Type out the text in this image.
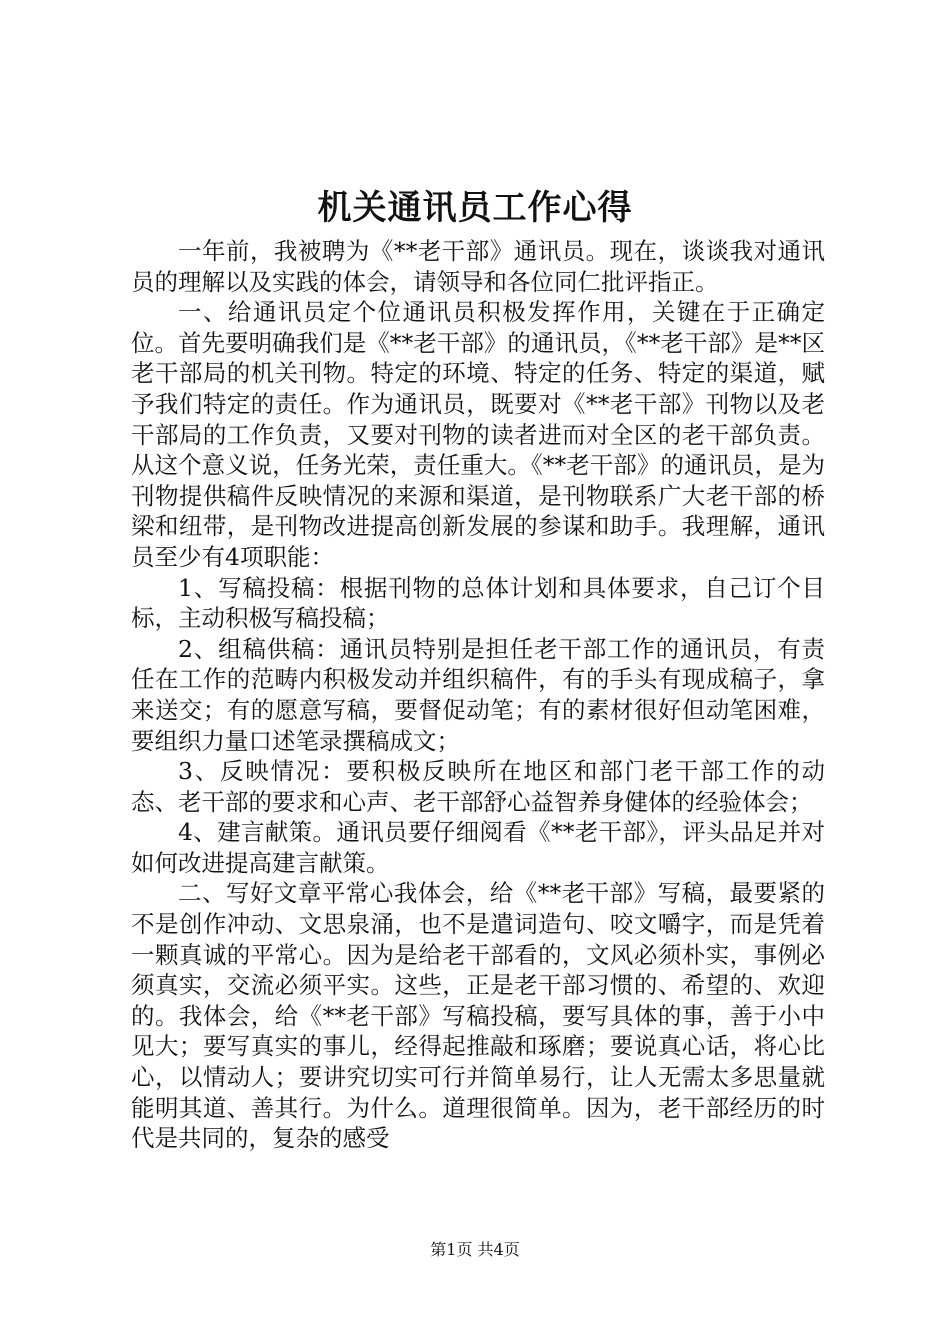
机关通讯员工作心得

一年前，我被聘为《**老干部》通讯员。现在，谈谈我对通讯员的理解以及实践的体会，请领导和各位同仁批评指正。

一、给通讯员定个位通讯员积极发挥作用，关键在于正确定位。首先要明确我们是《**老干部》的通讯员，《**老干部》是**区老干部局的机关刊物。特定的环境、特定的任务、特定的渠道，赋予我们特定的责任。作为通讯员，既要对《**老干部》刊物以及老干部局的工作负责，又要对刊物的读者进而对全区的老干部负责。从这个意义说，任务光荣，责任重大。《**老干部》的通讯员，是为刊物提供稿件反映情况的来源和渠道，是刊物联系广大老干部的桥梁和纽带，是刊物改进提高创新发展的参谋和助手。我理解，通讯员至少有4项职能：

1、写稿投稿：根据刊物的总体计划和具体要求，自己订个目标，主动积极写稿投稿；

2、组稿供稿：通讯员特别是担任老干部工作的通讯员，有责任在工作的范畴内积极发动并组织稿件，有的手头有现成稿子，拿来送交；有的愿意写稿，要督促动笔；有的素材很好但动笔困难，要组织力量口述笔录撰稿成文；

3、反映情况：要积极反映所在地区和部门老干部工作的动态、老干部的要求和心声、老干部舒心益智养身健体的经验体会；

4、建言献策。通讯员要仔细阅看《**老干部》，评头品足并对如何改进提高建言献策。

二、写好文章平常心我体会，给《**老干部》写稿，最要紧的不是创作冲动、文思泉涌，也不是遣词造句、咬文嚼字，而是凭着一颗真诚的平常心。因为是给老干部看的，文风必须朴实，事例必须真实，交流必须平实。这些，正是老干部习惯的、希望的、欢迎的。我体会，给《**老干部》写稿投稿，要写具体的事，善于小中见大；要写真实的事儿，经得起推敲和琢磨；要说真心话，将心比心，以情动人；要讲究切实可行并简单易行，让人无需太多思量就能明其道、善其行。为什么。道理很简单。因为，老干部经历的时代是共同的，复杂的感受

第1页 共4页
